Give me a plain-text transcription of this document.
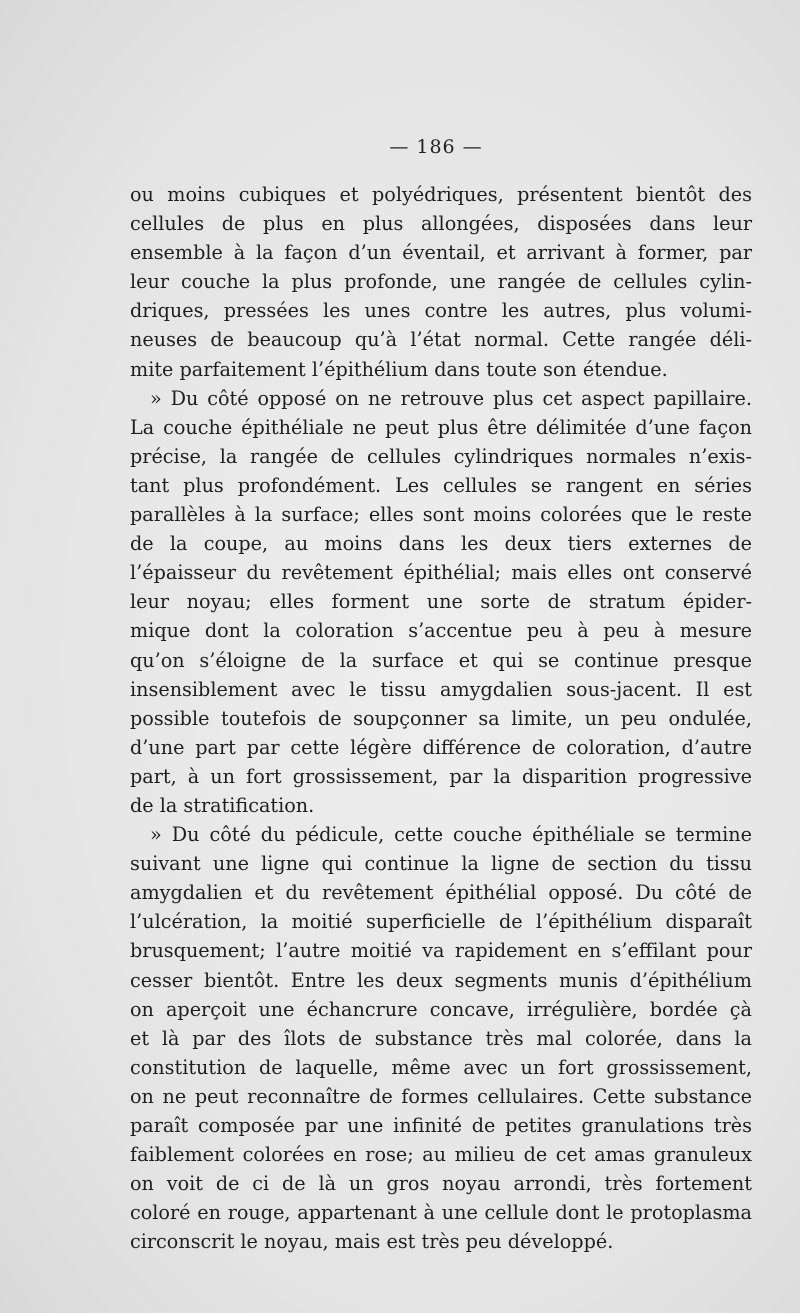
— 186 —
ou moins cubiques et polyédriques, présentent bientôt des
cellules de plus en plus allongées, disposées dans leur
ensemble à la façon d’un éventail, et arrivant à former, par
leur couche la plus profonde, une rangée de cellules cylin-
driques, pressées les unes contre les autres, plus volumi-
neuses de beaucoup qu’à l’état normal. Cette rangée déli-
mite parfaitement l’épithélium dans toute son étendue.
» Du côté opposé on ne retrouve plus cet aspect papillaire.
La couche épithéliale ne peut plus être délimitée d’une façon
précise, la rangée de cellules cylindriques normales n’exis-
tant plus profondément. Les cellules se rangent en séries
parallèles à la surface; elles sont moins colorées que le reste
de la coupe, au moins dans les deux tiers externes de
l’épaisseur du revêtement épithélial; mais elles ont conservé
leur noyau; elles forment une sorte de stratum épider-
mique dont la coloration s’accentue peu à peu à mesure
qu’on s’éloigne de la surface et qui se continue presque
insensiblement avec le tissu amygdalien sous-jacent. Il est
possible toutefois de soupçonner sa limite, un peu ondulée,
d’une part par cette légère différence de coloration, d’autre
part, à un fort grossissement, par la disparition progressive
de la stratification.
» Du côté du pédicule, cette couche épithéliale se termine
suivant une ligne qui continue la ligne de section du tissu
amygdalien et du revêtement épithélial opposé. Du côté de
l’ulcération, la moitié superficielle de l’épithélium disparaît
brusquement; l’autre moitié va rapidement en s’effilant pour
cesser bientôt. Entre les deux segments munis d’épithélium
on aperçoit une échancrure concave, irrégulière, bordée çà
et là par des îlots de substance très mal colorée, dans la
constitution de laquelle, même avec un fort grossissement,
on ne peut reconnaître de formes cellulaires. Cette substance
paraît composée par une infinité de petites granulations très
faiblement colorées en rose; au milieu de cet amas granuleux
on voit de ci de là un gros noyau arrondi, très fortement
coloré en rouge, appartenant à une cellule dont le protoplasma
circonscrit le noyau, mais est très peu développé.
